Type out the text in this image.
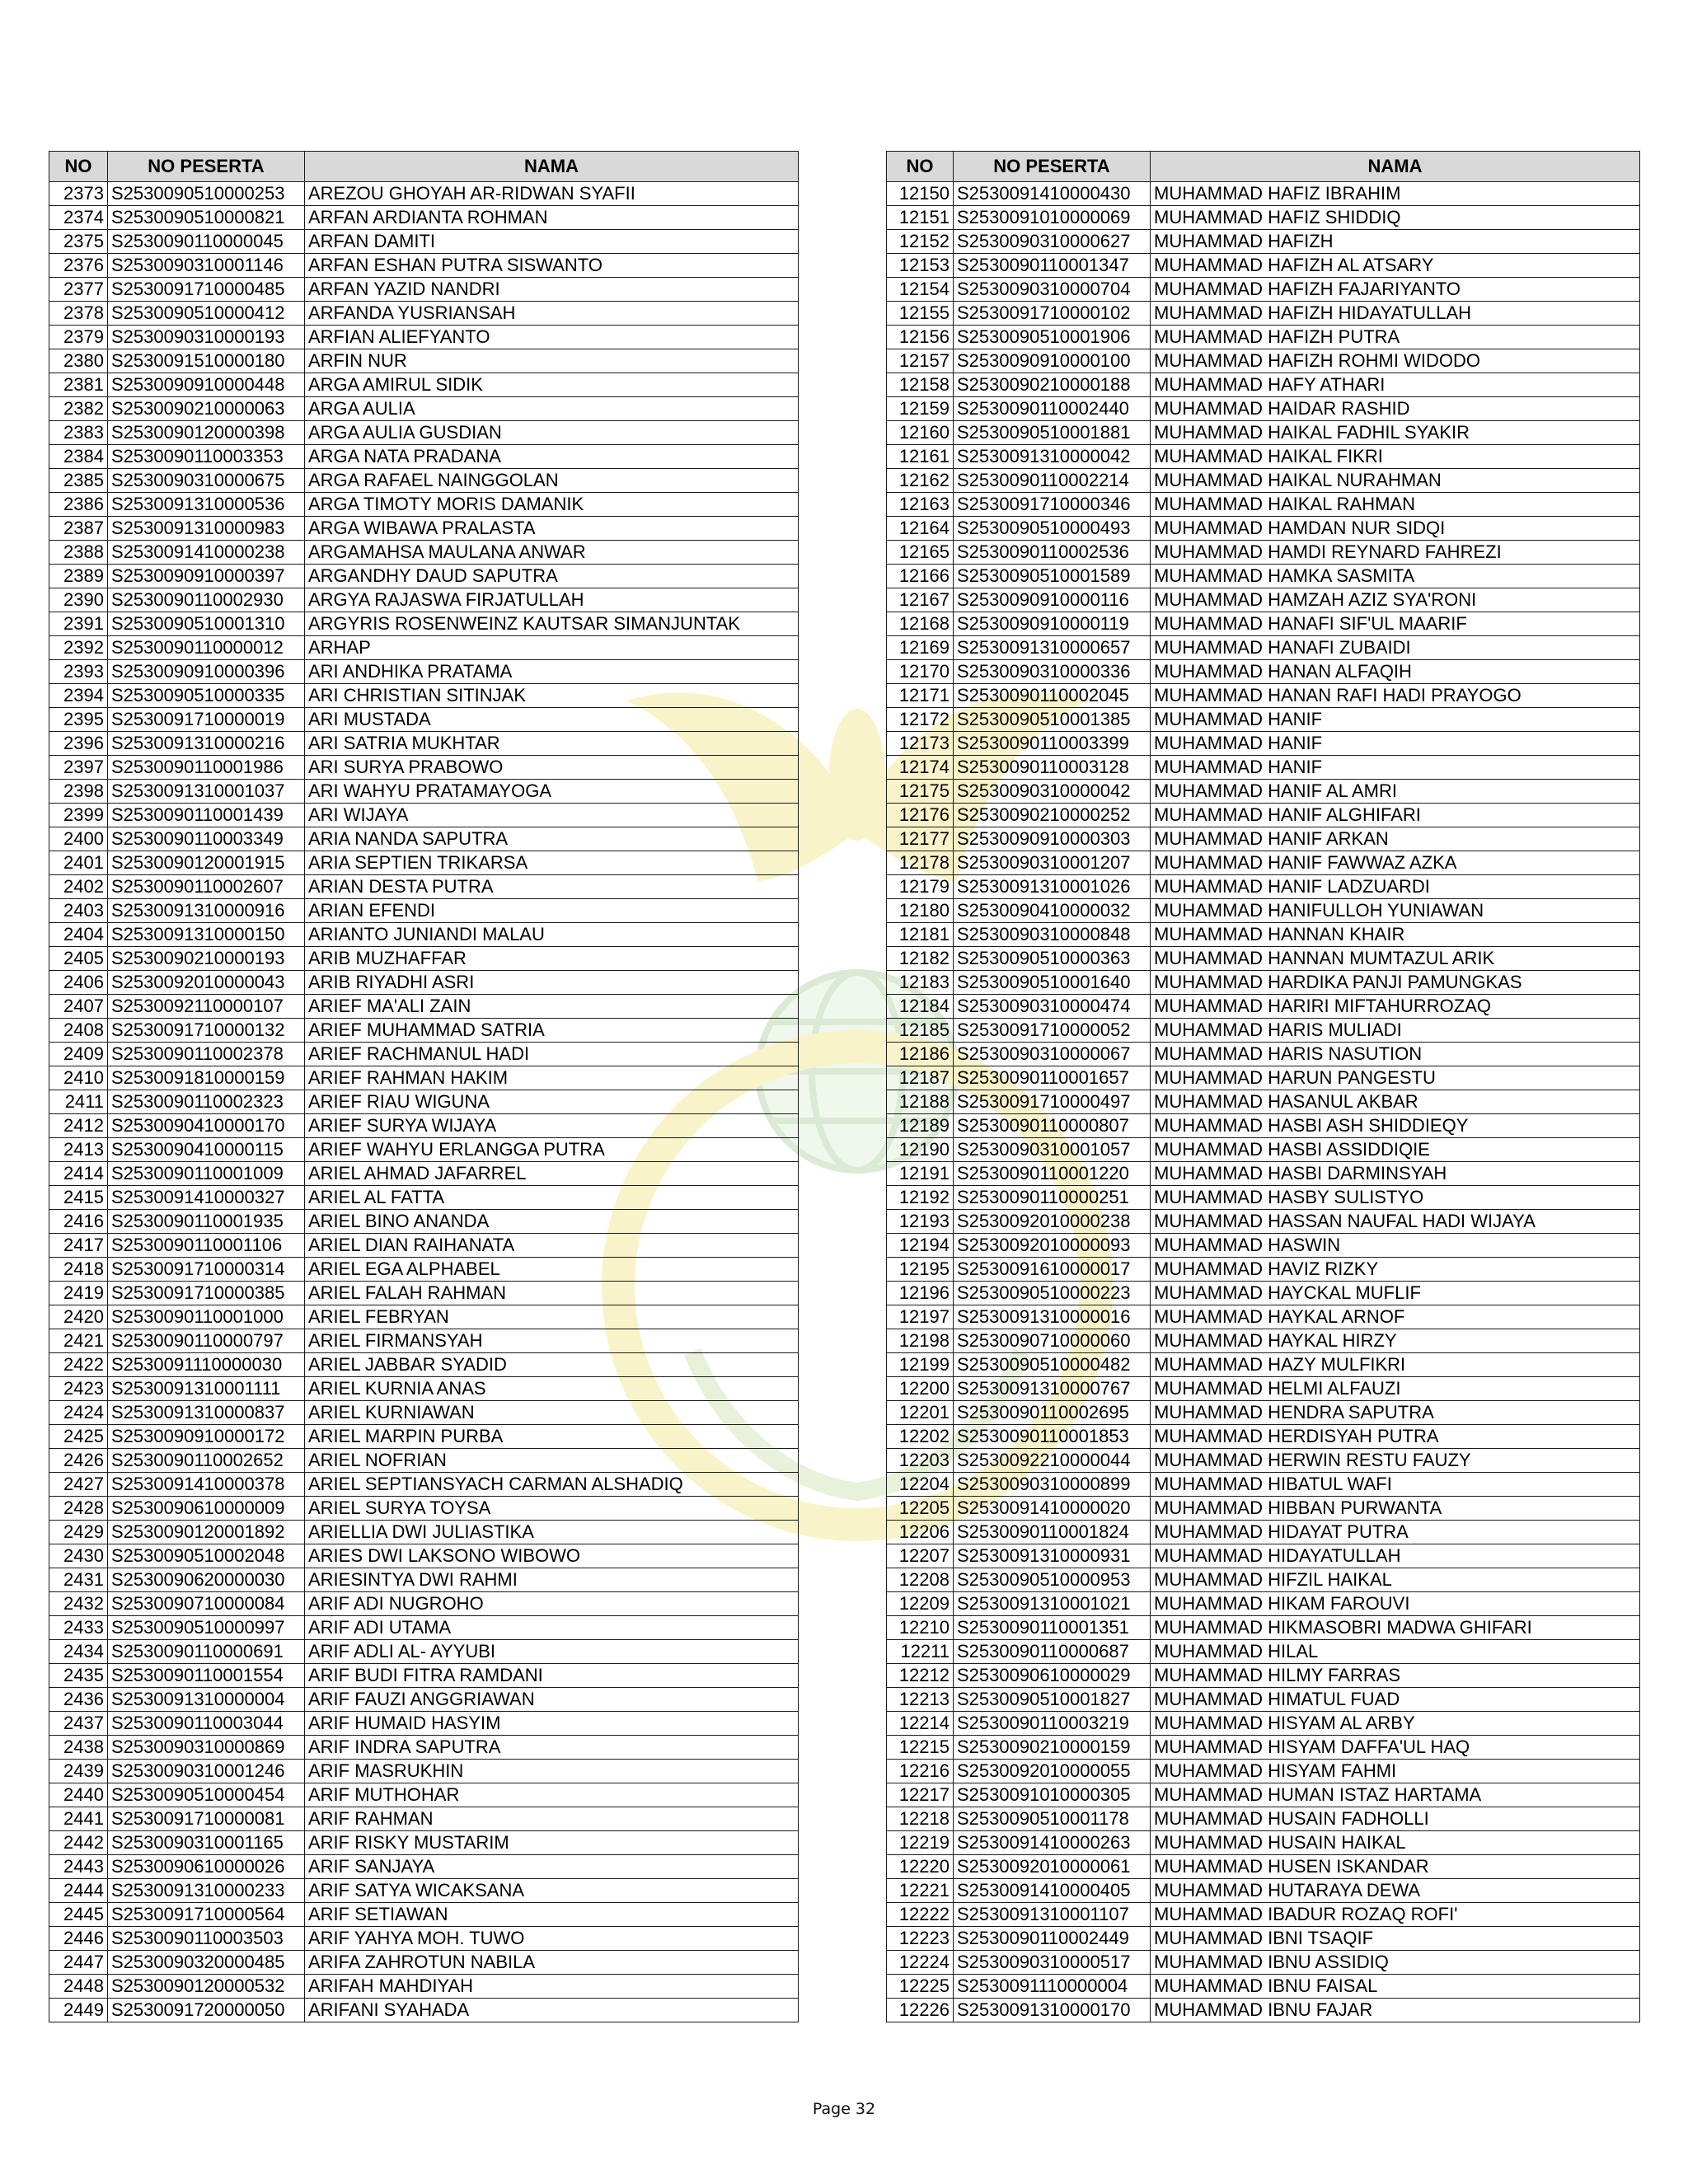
NO	NO PESERTA	NAMA
2373	S2530090510000253	AREZOU GHOYAH AR-RIDWAN SYAFII
2374	S2530090510000821	ARFAN ARDIANTA ROHMAN
2375	S2530090110000045	ARFAN DAMITI
2376	S2530090310001146	ARFAN ESHAN PUTRA SISWANTO
2377	S2530091710000485	ARFAN YAZID NANDRI
2378	S2530090510000412	ARFANDA YUSRIANSAH
2379	S2530090310000193	ARFIAN ALIEFYANTO
2380	S2530091510000180	ARFIN NUR
2381	S2530090910000448	ARGA AMIRUL SIDIK
2382	S2530090210000063	ARGA AULIA
2383	S2530090120000398	ARGA AULIA GUSDIAN
2384	S2530090110003353	ARGA NATA PRADANA
2385	S2530090310000675	ARGA RAFAEL NAINGGOLAN
2386	S2530091310000536	ARGA TIMOTY MORIS DAMANIK
2387	S2530091310000983	ARGA WIBAWA PRALASTA
2388	S2530091410000238	ARGAMAHSA MAULANA ANWAR
2389	S2530090910000397	ARGANDHY DAUD SAPUTRA
2390	S2530090110002930	ARGYA RAJASWA FIRJATULLAH
2391	S2530090510001310	ARGYRIS ROSENWEINZ KAUTSAR SIMANJUNTAK
2392	S2530090110000012	ARHAP
2393	S2530090910000396	ARI ANDHIKA PRATAMA
2394	S2530090510000335	ARI CHRISTIAN SITINJAK
2395	S2530091710000019	ARI MUSTADA
2396	S2530091310000216	ARI SATRIA MUKHTAR
2397	S2530090110001986	ARI SURYA PRABOWO
2398	S2530091310001037	ARI WAHYU PRATAMAYOGA
2399	S2530090110001439	ARI WIJAYA
2400	S2530090110003349	ARIA NANDA SAPUTRA
2401	S2530090120001915	ARIA SEPTIEN TRIKARSA
2402	S2530090110002607	ARIAN DESTA PUTRA
2403	S2530091310000916	ARIAN EFENDI
2404	S2530091310000150	ARIANTO JUNIANDI MALAU
2405	S2530090210000193	ARIB MUZHAFFAR
2406	S2530092010000043	ARIB RIYADHI ASRI
2407	S2530092110000107	ARIEF MA'ALI ZAIN
2408	S2530091710000132	ARIEF MUHAMMAD SATRIA
2409	S2530090110002378	ARIEF RACHMANUL HADI
2410	S2530091810000159	ARIEF RAHMAN HAKIM
2411	S2530090110002323	ARIEF RIAU WIGUNA
2412	S2530090410000170	ARIEF SURYA WIJAYA
2413	S2530090410000115	ARIEF WAHYU ERLANGGA PUTRA
2414	S2530090110001009	ARIEL AHMAD JAFARREL
2415	S2530091410000327	ARIEL AL FATTA
2416	S2530090110001935	ARIEL BINO ANANDA
2417	S2530090110001106	ARIEL DIAN RAIHANATA
2418	S2530091710000314	ARIEL EGA ALPHABEL
2419	S2530091710000385	ARIEL FALAH RAHMAN
2420	S2530090110001000	ARIEL FEBRYAN
2421	S2530090110000797	ARIEL FIRMANSYAH
2422	S2530091110000030	ARIEL JABBAR SYADID
2423	S2530091310001111	ARIEL KURNIA ANAS
2424	S2530091310000837	ARIEL KURNIAWAN
2425	S2530090910000172	ARIEL MARPIN PURBA
2426	S2530090110002652	ARIEL NOFRIAN
2427	S2530091410000378	ARIEL SEPTIANSYACH CARMAN ALSHADIQ
2428	S2530090610000009	ARIEL SURYA TOYSA
2429	S2530090120001892	ARIELLIA DWI JULIASTIKA
2430	S2530090510002048	ARIES DWI LAKSONO WIBOWO
2431	S2530090620000030	ARIESINTYA DWI RAHMI
2432	S2530090710000084	ARIF ADI NUGROHO
2433	S2530090510000997	ARIF ADI UTAMA
2434	S2530090110000691	ARIF ADLI AL- AYYUBI
2435	S2530090110001554	ARIF BUDI FITRA RAMDANI
2436	S2530091310000004	ARIF FAUZI ANGGRIAWAN
2437	S2530090110003044	ARIF HUMAID HASYIM
2438	S2530090310000869	ARIF INDRA SAPUTRA
2439	S2530090310001246	ARIF MASRUKHIN
2440	S2530090510000454	ARIF MUTHOHAR
2441	S2530091710000081	ARIF RAHMAN
2442	S2530090310001165	ARIF RISKY MUSTARIM
2443	S2530090610000026	ARIF SANJAYA
2444	S2530091310000233	ARIF SATYA WICAKSANA
2445	S2530091710000564	ARIF SETIAWAN
2446	S2530090110003503	ARIF YAHYA MOH. TUWO
2447	S2530090320000485	ARIFA ZAHROTUN NABILA
2448	S2530090120000532	ARIFAH MAHDIYAH
2449	S2530091720000050	ARIFANI SYAHADA
NO	NO PESERTA	NAMA
12150	S2530091410000430	MUHAMMAD HAFIZ IBRAHIM
12151	S2530091010000069	MUHAMMAD HAFIZ SHIDDIQ
12152	S2530090310000627	MUHAMMAD HAFIZH
12153	S2530090110001347	MUHAMMAD HAFIZH AL ATSARY
12154	S2530090310000704	MUHAMMAD HAFIZH FAJARIYANTO
12155	S2530091710000102	MUHAMMAD HAFIZH HIDAYATULLAH
12156	S2530090510001906	MUHAMMAD HAFIZH PUTRA
12157	S2530090910000100	MUHAMMAD HAFIZH ROHMI WIDODO
12158	S2530090210000188	MUHAMMAD HAFY ATHARI
12159	S2530090110002440	MUHAMMAD HAIDAR RASHID
12160	S2530090510001881	MUHAMMAD HAIKAL FADHIL SYAKIR
12161	S2530091310000042	MUHAMMAD HAIKAL FIKRI
12162	S2530090110002214	MUHAMMAD HAIKAL NURAHMAN
12163	S2530091710000346	MUHAMMAD HAIKAL RAHMAN
12164	S2530090510000493	MUHAMMAD HAMDAN NUR SIDQI
12165	S2530090110002536	MUHAMMAD HAMDI REYNARD FAHREZI
12166	S2530090510001589	MUHAMMAD HAMKA SASMITA
12167	S2530090910000116	MUHAMMAD HAMZAH AZIZ SYA'RONI
12168	S2530090910000119	MUHAMMAD HANAFI SIF'UL MAARIF
12169	S2530091310000657	MUHAMMAD HANAFI ZUBAIDI
12170	S2530090310000336	MUHAMMAD HANAN ALFAQIH
12171	S2530090110002045	MUHAMMAD HANAN RAFI HADI PRAYOGO
12172	S2530090510001385	MUHAMMAD HANIF
12173	S2530090110003399	MUHAMMAD HANIF
12174	S2530090110003128	MUHAMMAD HANIF
12175	S2530090310000042	MUHAMMAD HANIF AL AMRI
12176	S2530090210000252	MUHAMMAD HANIF ALGHIFARI
12177	S2530090910000303	MUHAMMAD HANIF ARKAN
12178	S2530090310001207	MUHAMMAD HANIF FAWWAZ AZKA
12179	S2530091310001026	MUHAMMAD HANIF LADZUARDI
12180	S2530090410000032	MUHAMMAD HANIFULLOH YUNIAWAN
12181	S2530090310000848	MUHAMMAD HANNAN KHAIR
12182	S2530090510000363	MUHAMMAD HANNAN MUMTAZUL ARIK
12183	S2530090510001640	MUHAMMAD HARDIKA PANJI PAMUNGKAS
12184	S2530090310000474	MUHAMMAD HARIRI MIFTAHURROZAQ
12185	S2530091710000052	MUHAMMAD HARIS MULIADI
12186	S2530090310000067	MUHAMMAD HARIS NASUTION
12187	S2530090110001657	MUHAMMAD HARUN PANGESTU
12188	S2530091710000497	MUHAMMAD HASANUL AKBAR
12189	S2530090110000807	MUHAMMAD HASBI ASH SHIDDIEQY
12190	S2530090310001057	MUHAMMAD HASBI ASSIDDIQIE
12191	S2530090110001220	MUHAMMAD HASBI DARMINSYAH
12192	S2530090110000251	MUHAMMAD HASBY SULISTYO
12193	S2530092010000238	MUHAMMAD HASSAN NAUFAL HADI WIJAYA
12194	S2530092010000093	MUHAMMAD HASWIN
12195	S2530091610000017	MUHAMMAD HAVIZ RIZKY
12196	S2530090510000223	MUHAMMAD HAYCKAL MUFLIF
12197	S2530091310000016	MUHAMMAD HAYKAL ARNOF
12198	S2530090710000060	MUHAMMAD HAYKAL HIRZY
12199	S2530090510000482	MUHAMMAD HAZY MULFIKRI
12200	S2530091310000767	MUHAMMAD HELMI ALFAUZI
12201	S2530090110002695	MUHAMMAD HENDRA SAPUTRA
12202	S2530090110001853	MUHAMMAD HERDISYAH PUTRA
12203	S2530092210000044	MUHAMMAD HERWIN RESTU FAUZY
12204	S2530090310000899	MUHAMMAD HIBATUL WAFI
12205	S2530091410000020	MUHAMMAD HIBBAN PURWANTA
12206	S2530090110001824	MUHAMMAD HIDAYAT PUTRA
12207	S2530091310000931	MUHAMMAD HIDAYATULLAH
12208	S2530090510000953	MUHAMMAD HIFZIL HAIKAL
12209	S2530091310001021	MUHAMMAD HIKAM FAROUVI
12210	S2530090110001351	MUHAMMAD HIKMASOBRI MADWA GHIFARI
12211	S2530090110000687	MUHAMMAD HILAL
12212	S2530090610000029	MUHAMMAD HILMY FARRAS
12213	S2530090510001827	MUHAMMAD HIMATUL FUAD
12214	S2530090110003219	MUHAMMAD HISYAM AL ARBY
12215	S2530090210000159	MUHAMMAD HISYAM DAFFA'UL HAQ
12216	S2530092010000055	MUHAMMAD HISYAM FAHMI
12217	S2530091010000305	MUHAMMAD HUMAN ISTAZ HARTAMA
12218	S2530090510001178	MUHAMMAD HUSAIN FADHOLLI
12219	S2530091410000263	MUHAMMAD HUSAIN HAIKAL
12220	S2530092010000061	MUHAMMAD HUSEN ISKANDAR
12221	S2530091410000405	MUHAMMAD HUTARAYA DEWA
12222	S2530091310001107	MUHAMMAD IBADUR ROZAQ ROFI'
12223	S2530090110002449	MUHAMMAD IBNI TSAQIF
12224	S2530090310000517	MUHAMMAD IBNU ASSIDIQ
12225	S2530091110000004	MUHAMMAD IBNU FAISAL
12226	S2530091310000170	MUHAMMAD IBNU FAJAR
Page 32
